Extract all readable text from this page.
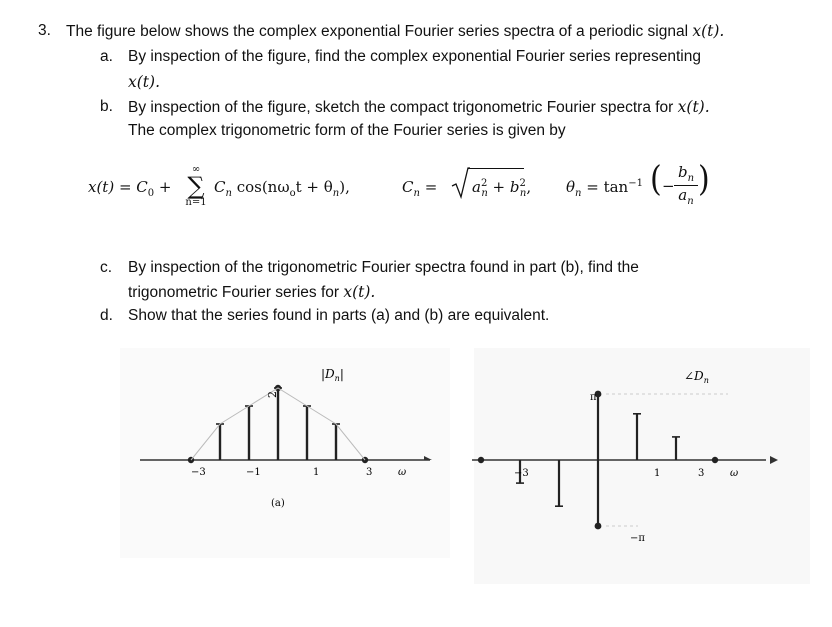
3. The figure below shows the complex exponential Fourier series spectra of a periodic signal x(t).
a. By inspection of the figure, find the complex exponential Fourier series representing
x(t).
b. By inspection of the figure, sketch the compact trigonometric Fourier spectra for x(t).
The complex trigonometric form of the Fourier series is given by
$x(t) = C_0$ +
∞
∑
n=1
$C_n$ $\cos(n\omega_ot + \theta_n)$,	$C_n = a^2_n + b^2_n$, $\theta_n = \tan^{-1}$ ( −
$b_n$
$a_n$
)
c. By inspection of the trigonometric Fourier spectra found in part (b), find the
trigonometric Fourier series for x(t).
d. Show that the series found in parts (a) and (b) are equivalent.
$|D_n|$
2
−3	−1	1	3	ω
(a)
$\angle D_n$
π
−π
−3	1	3	ω
